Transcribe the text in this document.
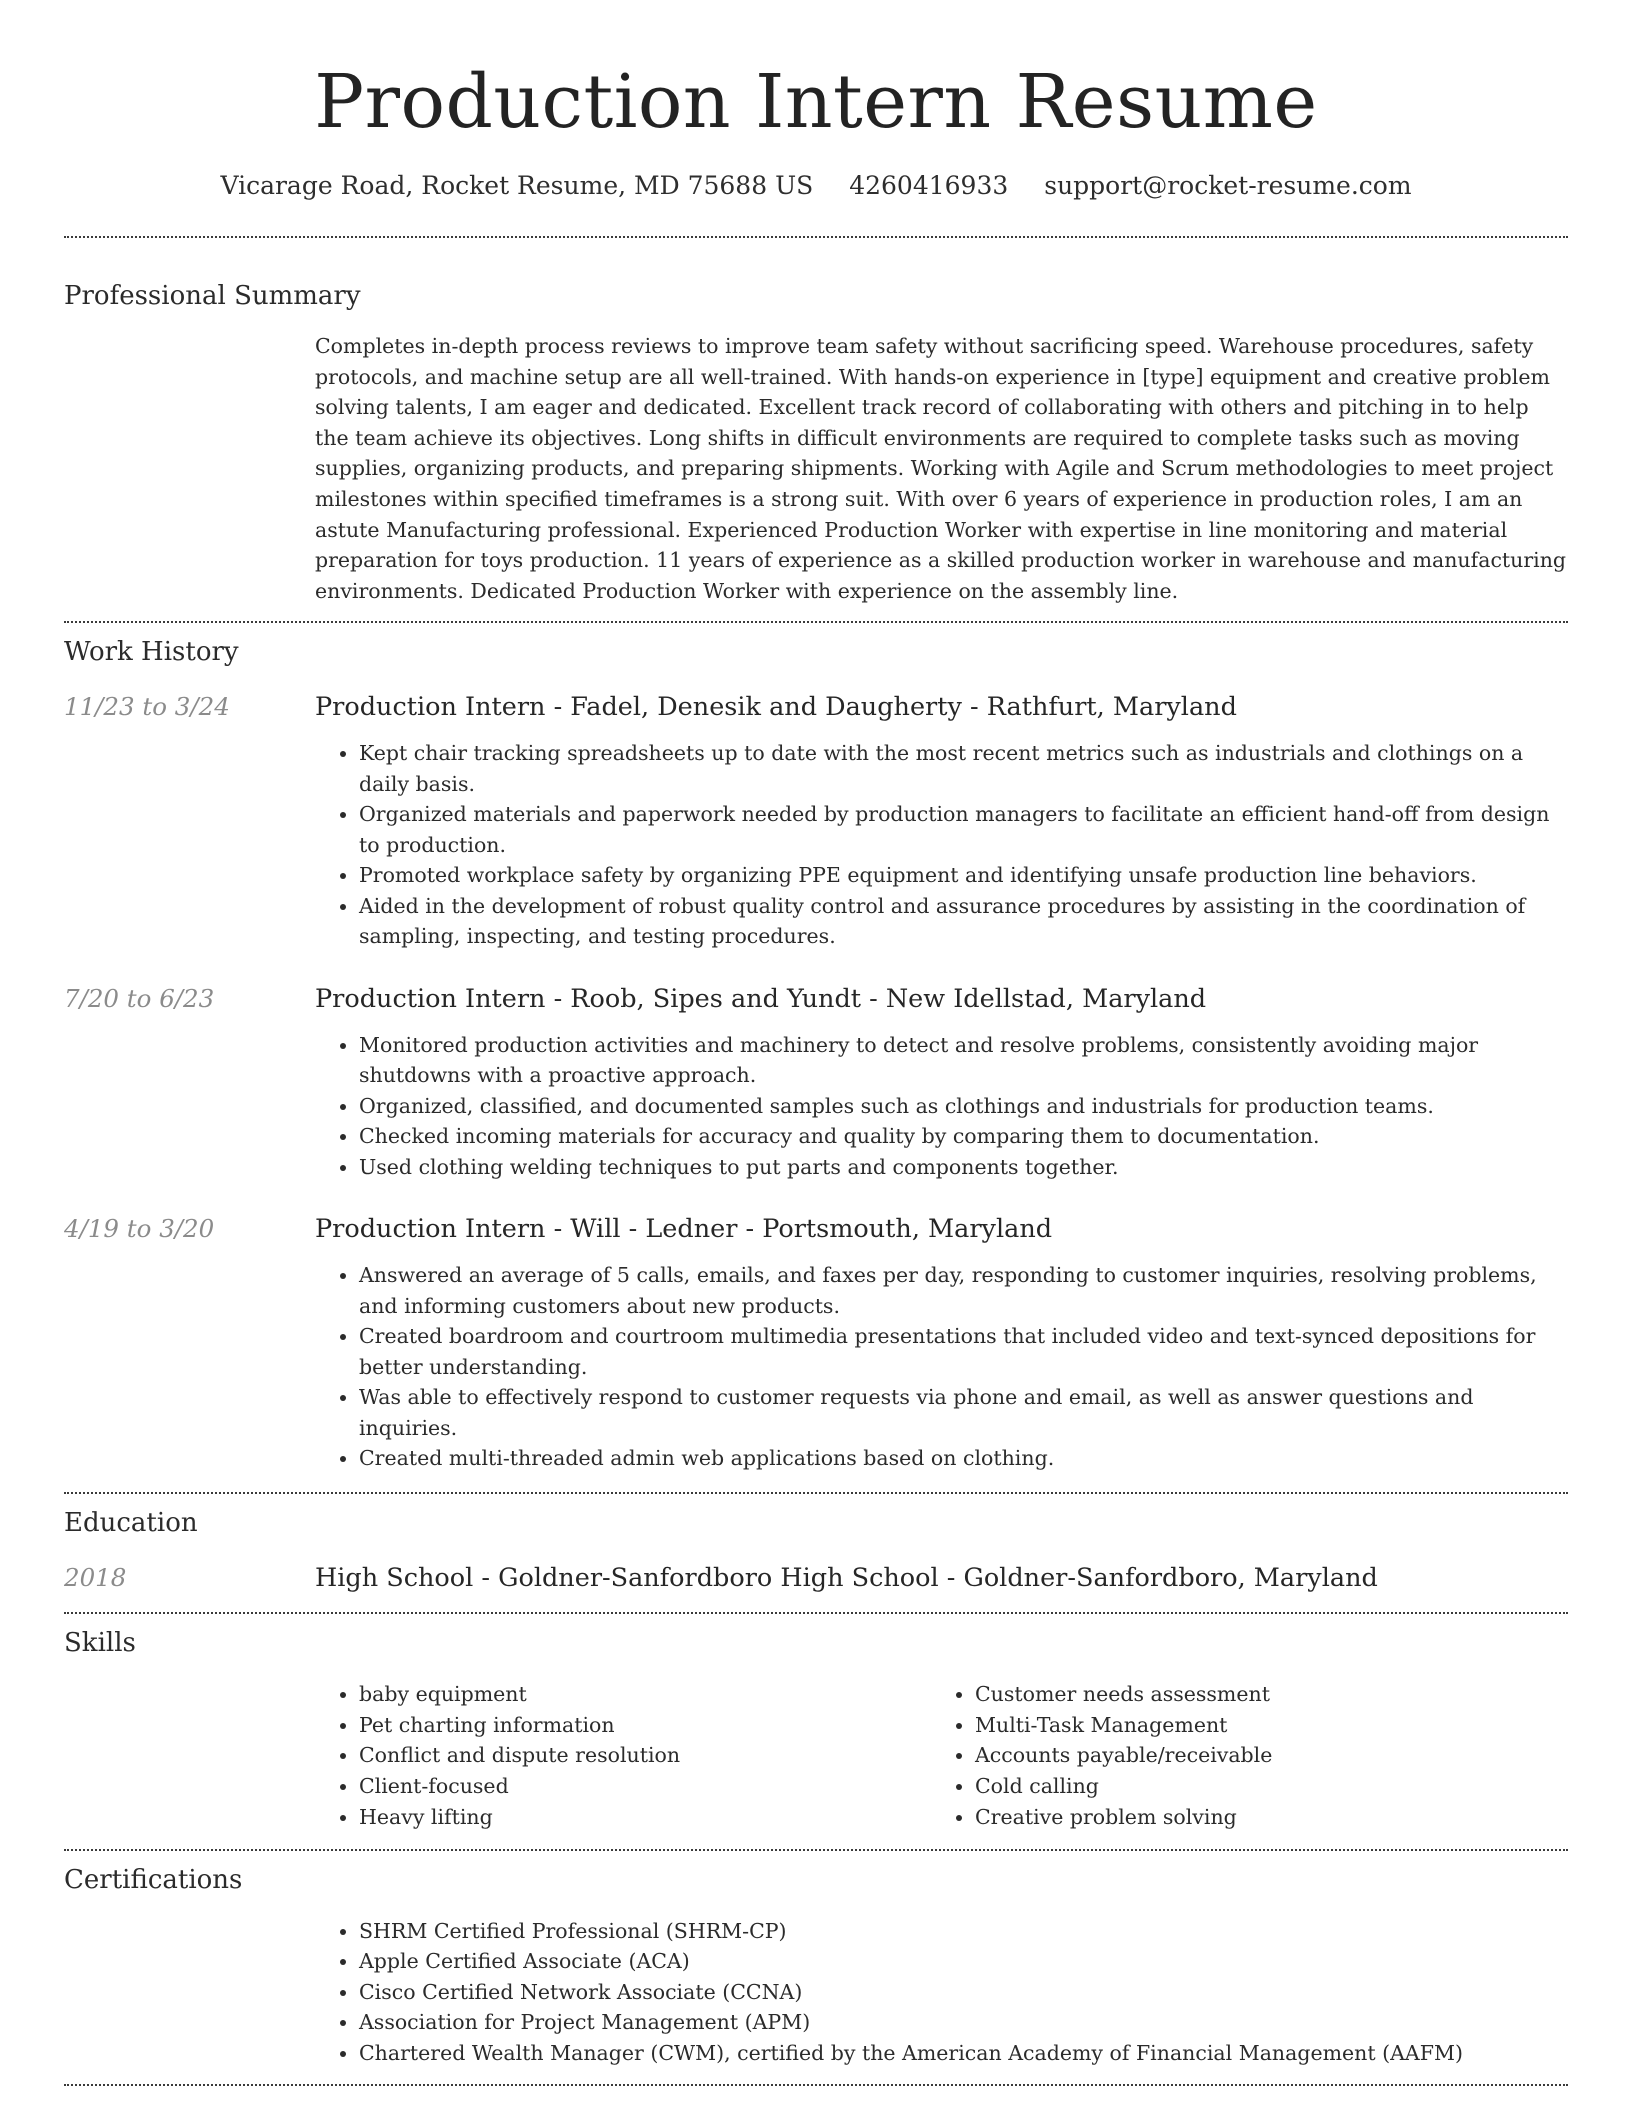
Production Intern Resume
Vicarage Road, Rocket Resume, MD 75688 US 4260416933 support@rocket-resume.com
Professional Summary

Completes in-depth process reviews to improve team safety without sacrificing speed. Warehouse procedures, safety protocols, and machine setup are all well-trained. With hands-on experience in [type] equipment and creative problem solving talents, I am eager and dedicated. Excellent track record of collaborating with others and pitching in to help the team achieve its objectives. Long shifts in difficult environments are required to complete tasks such as moving supplies, organizing products, and preparing shipments. Working with Agile and Scrum methodologies to meet project milestones within specified timeframes is a strong suit. With over 6 years of experience in production roles, I am an astute Manufacturing professional. Experienced Production Worker with expertise in line monitoring and material preparation for toys production. 11 years of experience as a skilled production worker in warehouse and manufacturing environments. Dedicated Production Worker with experience on the assembly line.

Work History
11/23 to 3/24	Production Intern - Fadel, Denesik and Daugherty - Rathfurt, Maryland
• Kept chair tracking spreadsheets up to date with the most recent metrics such as industrials and clothings on a daily basis.
• Organized materials and paperwork needed by production managers to facilitate an efficient hand-off from design to production.
• Promoted workplace safety by organizing PPE equipment and identifying unsafe production line behaviors.
• Aided in the development of robust quality control and assurance procedures by assisting in the coordination of sampling, inspecting, and testing procedures.
7/20 to 6/23	Production Intern - Roob, Sipes and Yundt - New Idellstad, Maryland
• Monitored production activities and machinery to detect and resolve problems, consistently avoiding major shutdowns with a proactive approach.
• Organized, classified, and documented samples such as clothings and industrials for production teams.
• Checked incoming materials for accuracy and quality by comparing them to documentation.
• Used clothing welding techniques to put parts and components together.
4/19 to 3/20	Production Intern - Will - Ledner - Portsmouth, Maryland
• Answered an average of 5 calls, emails, and faxes per day, responding to customer inquiries, resolving problems, and informing customers about new products.
• Created boardroom and courtroom multimedia presentations that included video and text-synced depositions for better understanding.
• Was able to effectively respond to customer requests via phone and email, as well as answer questions and inquiries.
• Created multi-threaded admin web applications based on clothing.
Education
2018	High School - Goldner-Sanfordboro High School - Goldner-Sanfordboro, Maryland
Skills
• baby equipment
• Pet charting information
• Conflict and dispute resolution
• Client-focused
• Heavy lifting
• Customer needs assessment
• Multi-Task Management
• Accounts payable/receivable
• Cold calling
• Creative problem solving
Certifications
• SHRM Certified Professional (SHRM-CP)
• Apple Certified Associate (ACA)
• Cisco Certified Network Associate (CCNA)
• Association for Project Management (APM)
• Chartered Wealth Manager (CWM), certified by the American Academy of Financial Management (AAFM)
